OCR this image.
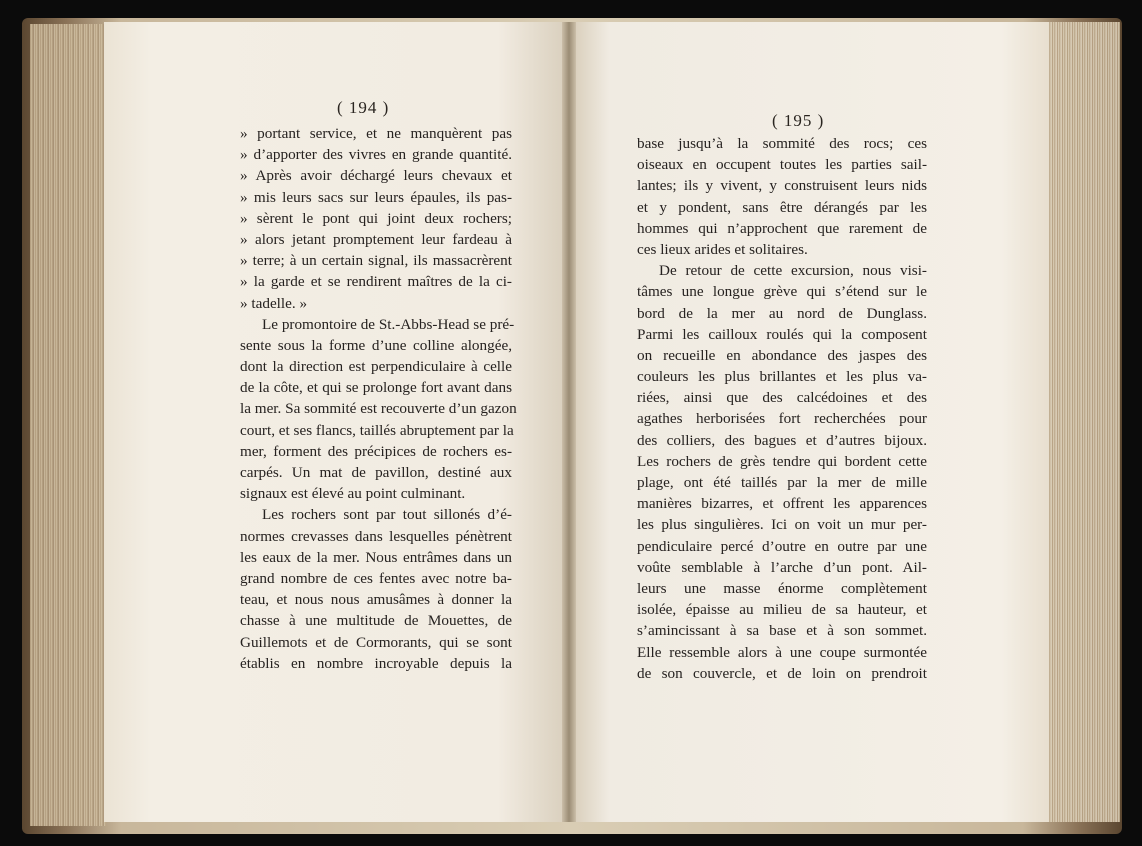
( 194 )
( 195 )
» portant service, et ne manquèrent pas
» d’apporter des vivres en grande quantité.
» Après avoir déchargé leurs chevaux et
» mis leurs sacs sur leurs épaules, ils pas-
» sèrent le pont qui joint deux rochers;
» alors jetant promptement leur fardeau à
» terre; à un certain signal, ils massacrèrent
» la garde et se rendirent maîtres de la ci-
» tadelle. »
Le promontoire de St.-Abbs-Head se pré-
sente sous la forme d’une colline alongée,
dont la direction est perpendiculaire à celle
de la côte, et qui se prolonge fort avant dans
la mer. Sa sommité est recouverte d’un gazon
court, et ses flancs, taillés abruptement par la
mer, forment des précipices de rochers es-
carpés. Un mat de pavillon, destiné aux
signaux est élevé au point culminant.
Les rochers sont par tout sillonés d’é-
normes crevasses dans lesquelles pénètrent
les eaux de la mer. Nous entrâmes dans un
grand nombre de ces fentes avec notre ba-
teau, et nous nous amusâmes à donner la
chasse à une multitude de Mouettes, de
Guillemots et de Cormorants, qui se sont
établis en nombre incroyable depuis la
base jusqu’à la sommité des rocs; ces
oiseaux en occupent toutes les parties sail-
lantes; ils y vivent, y construisent leurs nids
et y pondent, sans être dérangés par les
hommes qui n’approchent que rarement de
ces lieux arides et solitaires.
De retour de cette excursion, nous visi-
tâmes une longue grève qui s’étend sur le
bord de la mer au nord de Dunglass.
Parmi les cailloux roulés qui la composent
on recueille en abondance des jaspes des
couleurs les plus brillantes et les plus va-
riées, ainsi que des calcédoines et des
agathes herborisées fort recherchées pour
des colliers, des bagues et d’autres bijoux.
Les rochers de grès tendre qui bordent cette
plage, ont été taillés par la mer de mille
manières bizarres, et offrent les apparences
les plus singulières. Ici on voit un mur per-
pendiculaire percé d’outre en outre par une
voûte semblable à l’arche d’un pont. Ail-
leurs une masse énorme complètement
isolée, épaisse au milieu de sa hauteur, et
s’amincissant à sa base et à son sommet.
Elle ressemble alors à une coupe surmontée
de son couvercle, et de loin on prendroit
